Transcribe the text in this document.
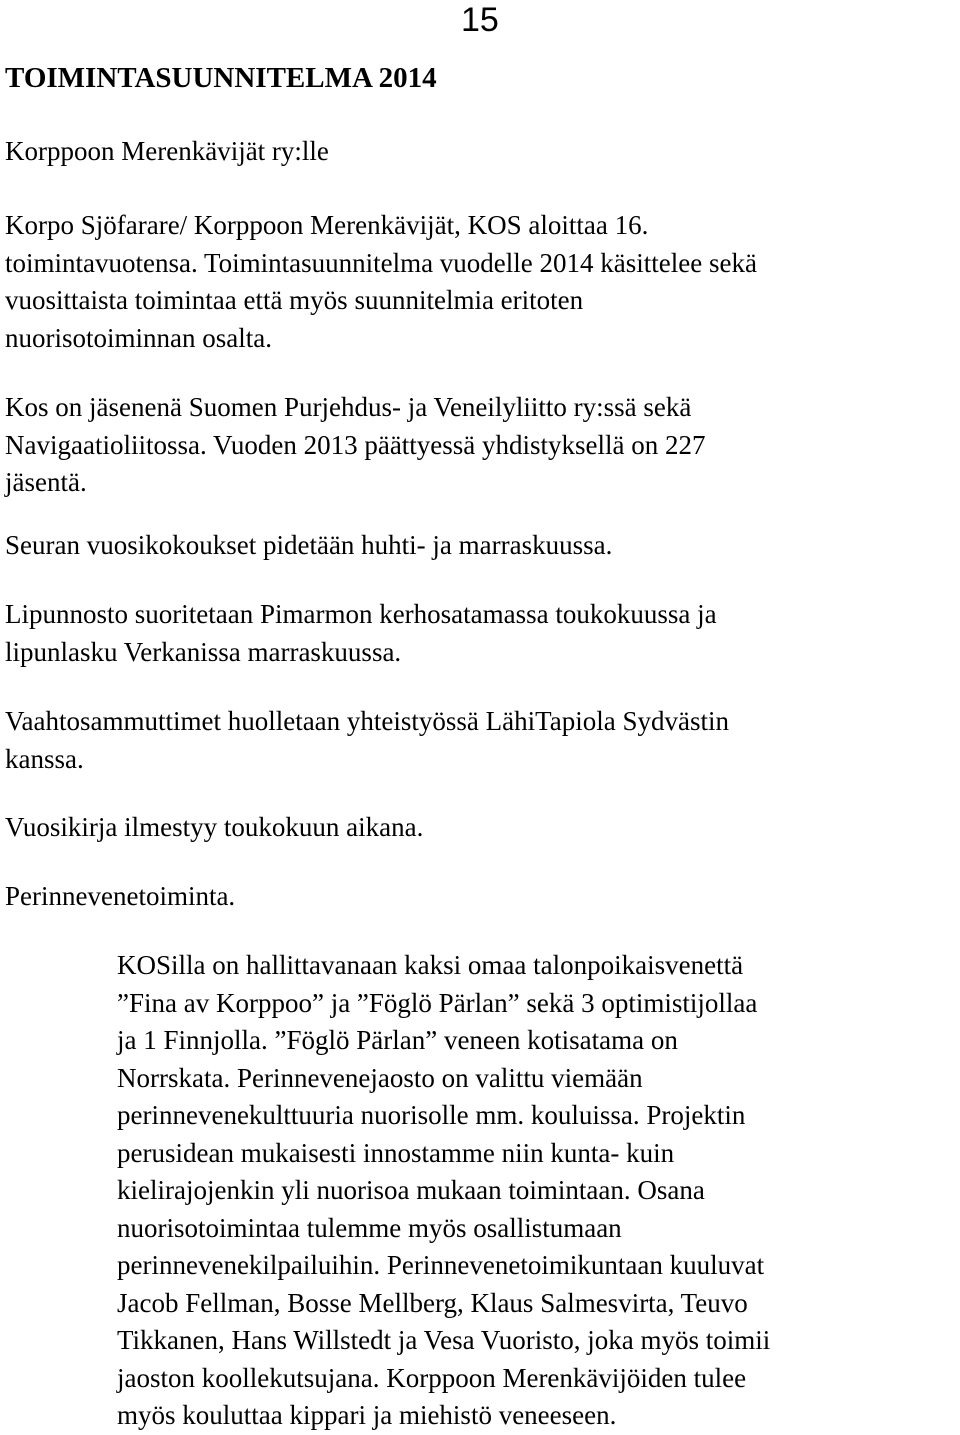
15
TOIMINTASUUNNITELMA 2014

Korppoon Merenkävijät ry:lle

Korpo Sjöfarare/ Korppoon Merenkävijät, KOS aloittaa 16.
toimintavuotensa. Toimintasuunnitelma vuodelle 2014 käsittelee sekä
vuosittaista toimintaa että myös suunnitelmia eritoten
nuorisotoiminnan osalta.

Kos on jäsenenä Suomen Purjehdus- ja Veneilyliitto ry:ssä sekä
Navigaatioliitossa. Vuoden 2013 päättyessä yhdistyksellä on 227
jäsentä.

Seuran vuosikokoukset pidetään huhti- ja marraskuussa.

Lipunnosto suoritetaan Pimarmon kerhosatamassa toukokuussa ja
lipunlasku Verkanissa marraskuussa.

Vaahtosammuttimet huolletaan yhteistyössä LähiTapiola Sydvästin
kanssa.

Vuosikirja ilmestyy toukokuun aikana.

Perinnevenetoiminta.

KOSilla on hallittavanaan kaksi omaa talonpoikaisvenettä
”Fina av Korppoo” ja ”Föglö Pärlan” sekä 3 optimistijollaa
ja 1 Finnjolla. ”Föglö Pärlan” veneen kotisatama on
Norrskata. Perinnevenejaosto on valittu viemään
perinnevenekulttuuria nuorisolle mm. kouluissa. Projektin
perusidean mukaisesti innostamme niin kunta- kuin
kielirajojenkin yli nuorisoa mukaan toimintaan. Osana
nuorisotoimintaa tulemme myös osallistumaan
perinnevenekilpailuihin. Perinnevenetoimikuntaan kuuluvat
Jacob Fellman, Bosse Mellberg, Klaus Salmesvirta, Teuvo
Tikkanen, Hans Willstedt ja Vesa Vuoristo, joka myös toimii
jaoston koollekutsujana. Korppoon Merenkävijöiden tulee
myös kouluttaa kippari ja miehistö veneeseen.
